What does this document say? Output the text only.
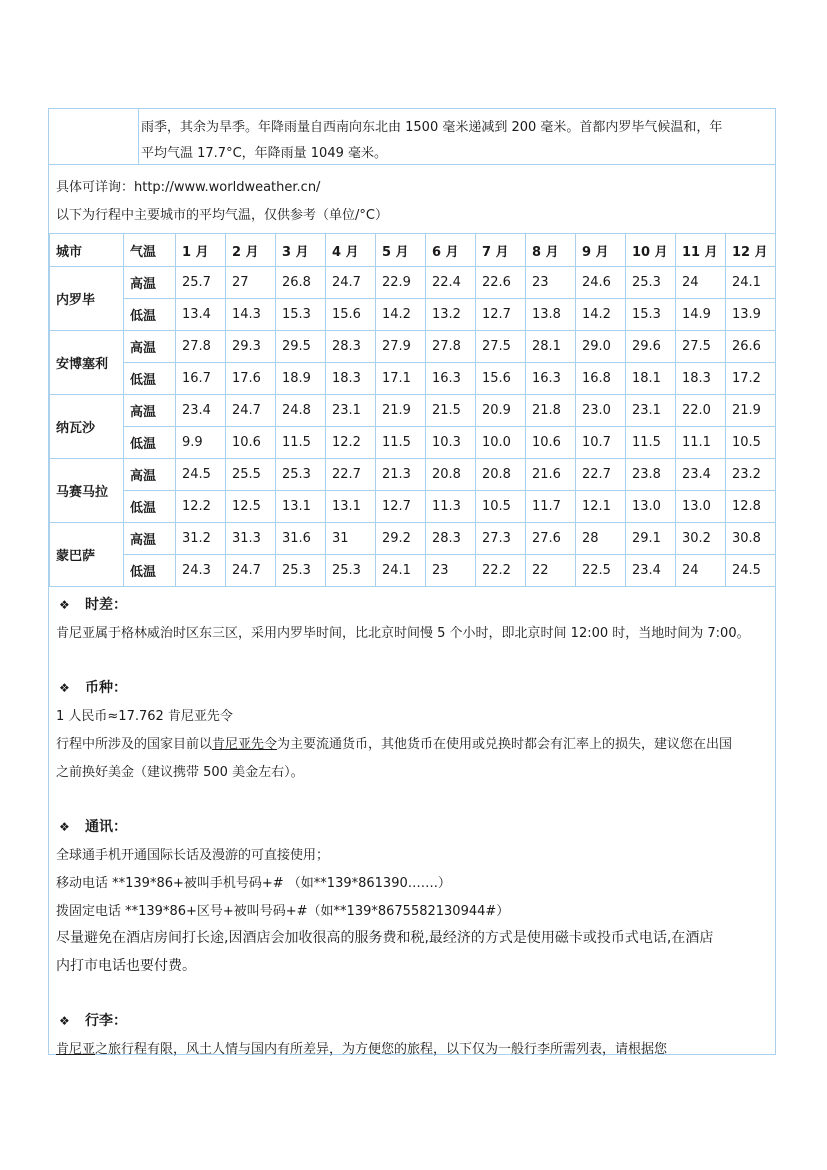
雨季，其余为旱季。年降雨量自西南向东北由 1500 毫米递减到 200 毫米。首都内罗毕气候温和，年
平均气温 17.7°C，年降雨量 1049 毫米。
具体可详询：http://www.worldweather.cn/
以下为行程中主要城市的平均气温，仅供参考（单位/°C）
城市	气温	1 月	2 月	3 月	4 月	5 月	6 月	7 月	8 月	9 月	10 月	11 月	12 月
内罗毕	高温	25.7	27	26.8	24.7	22.9	22.4	22.6	23	24.6	25.3	24	24.1
	低温	13.4	14.3	15.3	15.6	14.2	13.2	12.7	13.8	14.2	15.3	14.9	13.9
安博塞利	高温	27.8	29.3	29.5	28.3	27.9	27.8	27.5	28.1	29.0	29.6	27.5	26.6
	低温	16.7	17.6	18.9	18.3	17.1	16.3	15.6	16.3	16.8	18.1	18.3	17.2
纳瓦沙	高温	23.4	24.7	24.8	23.1	21.9	21.5	20.9	21.8	23.0	23.1	22.0	21.9
	低温	9.9	10.6	11.5	12.2	11.5	10.3	10.0	10.6	10.7	11.5	11.1	10.5
马赛马拉	高温	24.5	25.5	25.3	22.7	21.3	20.8	20.8	21.6	22.7	23.8	23.4	23.2
	低温	12.2	12.5	13.1	13.1	12.7	11.3	10.5	11.7	12.1	13.0	13.0	12.8
蒙巴萨	高温	31.2	31.3	31.6	31	29.2	28.3	27.3	27.6	28	29.1	30.2	30.8
	低温	24.3	24.7	25.3	25.3	24.1	23	22.2	22	22.5	23.4	24	24.5
❖ 时差：
肯尼亚属于格林威治时区东三区，采用内罗毕时间，比北京时间慢 5 个小时，即北京时间 12:00 时，当地时间为 7:00。
❖ 币种：
1 人民币≈17.762 肯尼亚先令
行程中所涉及的国家目前以肯尼亚先令为主要流通货币，其他货币在使用或兑换时都会有汇率上的损失，建议您在出国
之前换好美金（建议携带 500 美金左右）。
❖ 通讯：
全球通手机开通国际长话及漫游的可直接使用；
移动电话 **139*86+被叫手机号码+# （如**139*861390…….）
拨固定电话 **139*86+区号+被叫号码+#（如**139*8675582130944#）
尽量避免在酒店房间打长途,因酒店会加收很高的服务费和税,最经济的方式是使用磁卡或投币式电话,在酒店
内打市电话也要付费。
❖ 行李：
肯尼亚之旅行程有限，风土人情与国内有所差异，为方便您的旅程，以下仅为一般行李所需列表，请根据您
